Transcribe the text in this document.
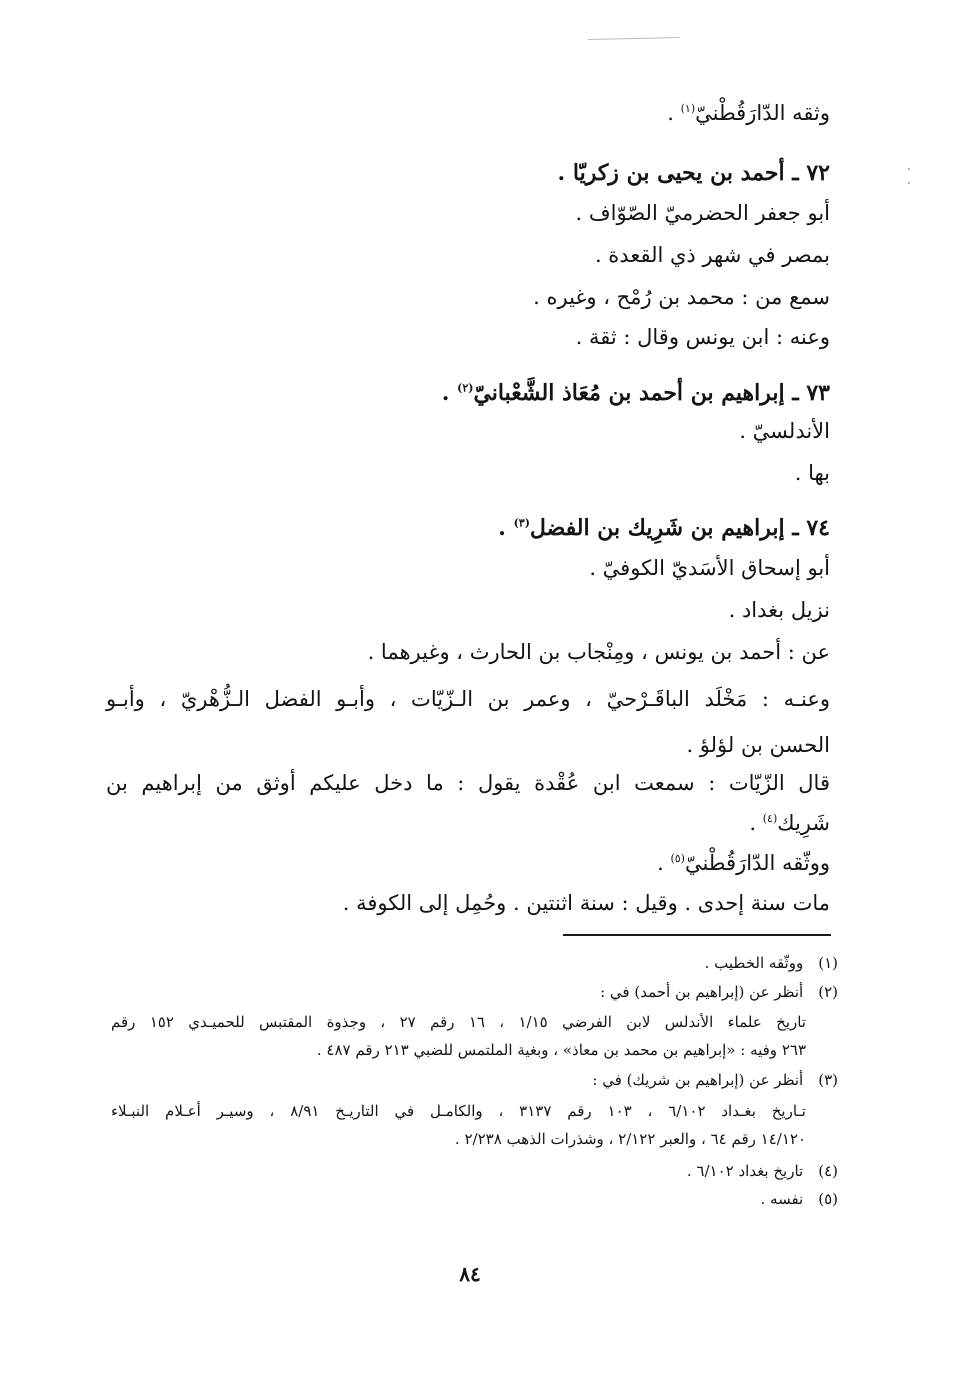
وثقه الدّارَقُطْنيّ$^{(١)}$ .
٧٢ ـ أحمد بن يحيى بن زكريّا .
أبو جعفر الحضرميّ الصّوّاف .
بمصر في شهر ذي القعدة .
سمع من : محمد بن رُمْح ، وغيره .
وعنه : ابن يونس وقال : ثقة .
٧٣ ـ إبراهيم بن أحمد بن مُعَاذ الشَّعْبانيّ$^{(٢)}$ .
الأندلسيّ .
بها .
٧٤ ـ إبراهيم بن شَرِيك بن الفضل$^{(٣)}$ .
أبو إسحاق الأسَديّ الكوفيّ .
نزيل بغداد .
عن : أحمد بن يونس ، ومِنْجاب بن الحارث ، وغيرهما .
وعنـه : مَخْلَد الباقَـرْحيّ ، وعمر بن الـزّيّات ، وأبـو الفضل الـزُّهْريّ ، وأبـو
الحسن بن لؤلؤ .
قال الزّيّات : سمعت ابن عُقْدة يقول : ما دخل عليكم أوثق من إبراهيم بن
شَرِيك$^{(٤)}$ .
ووثّقه الدّارَقُطْنيّ$^{(٥)}$ .
مات سنة إحدى . وقيل : سنة اثنتين . وحُمِل إلى الكوفة .
(١) ووثّقه الخطيب .
(٢) أنظر عن (إبراهيم بن أحمد) في :
تاريخ علماء الأندلس لابن الفرضي ١/١٥ ، ١٦ رقم ٢٧ ، وجذوة المقتبس للحميـدي ١٥٢ رقم
٢٦٣ وفيه : «إبراهيم بن محمد بن معاذ» ، وبغية الملتمس للضبي ٢١٣ رقم ٤٨٧ .
(٣) أنظر عن (إبراهيم بن شريك) في :
تـاريخ بغـداد ٦/١٠٢ ، ١٠٣ رقم ٣١٣٧ ، والكامـل في التاريـخ ٨/٩١ ، وسيـر أعـلام النبـلاء
١٤/١٢٠ رقم ٦٤ ، والعبر ٢/١٢٢ ، وشذرات الذهب ٢/٢٣٨ .
(٤) تاريخ بغداد ٦/١٠٢ .
(٥) نفسه .
٨٤
